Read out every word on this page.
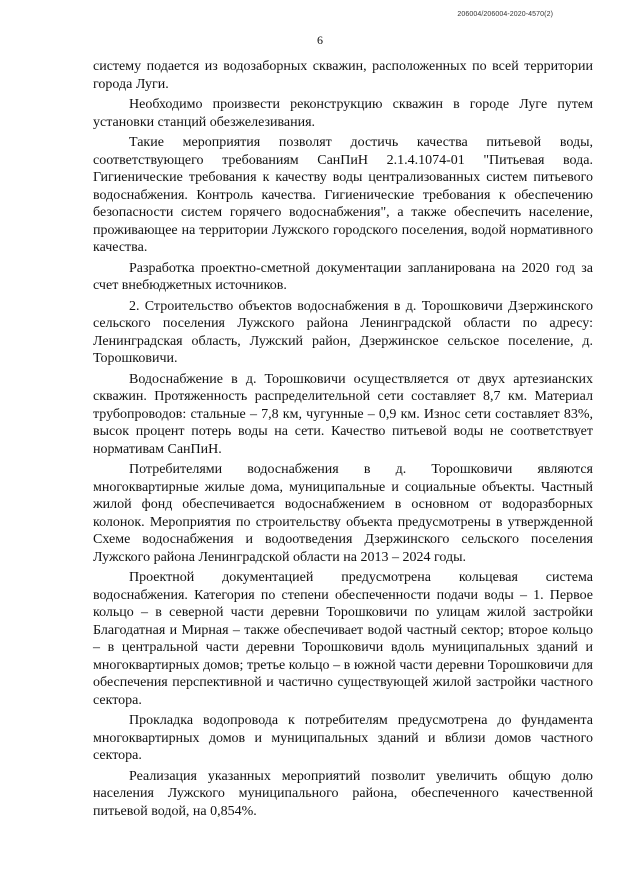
206004/206004-2020-4570(2)
6

систему подается из водозаборных скважин, расположенных по всей территории города Луги.

Необходимо произвести реконструкцию скважин в городе Луге путем установки станций обезжелезивания.

Такие мероприятия позволят достичь качества питьевой воды, соответствующего требованиям СанПиН 2.1.4.1074-01 "Питьевая вода. Гигиенические требования к качеству воды централизованных систем питьевого водоснабжения. Контроль качества. Гигиенические требования к обеспечению безопасности систем горячего водоснабжения", а также обеспечить население, проживающее на территории Лужского городского поселения, водой нормативного качества.

Разработка проектно-сметной документации запланирована на 2020 год за счет внебюджетных источников.

2. Строительство объектов водоснабжения в д. Торошковичи Дзержинского сельского поселения Лужского района Ленинградской области по адресу: Ленинградская область, Лужский район, Дзержинское сельское поселение, д. Торошковичи.

Водоснабжение в д. Торошковичи осуществляется от двух артезианских скважин. Протяженность распределительной сети составляет 8,7 км. Материал трубопроводов: стальные – 7,8 км, чугунные – 0,9 км. Износ сети составляет 83%, высок процент потерь воды на сети. Качество питьевой воды не соответствует нормативам СанПиН.

Потребителями водоснабжения в д. Торошковичи являются многоквартирные жилые дома, муниципальные и социальные объекты. Частный жилой фонд обеспечивается водоснабжением в основном от водоразборных колонок. Мероприятия по строительству объекта предусмотрены в утвержденной Схеме водоснабжения и водоотведения Дзержинского сельского поселения Лужского района Ленинградской области на 2013 – 2024 годы.

Проектной документацией предусмотрена кольцевая система водоснабжения. Категория по степени обеспеченности подачи воды – 1. Первое кольцо – в северной части деревни Торошковичи по улицам жилой застройки Благодатная и Мирная – также обеспечивает водой частный сектор; второе кольцо – в центральной части деревни Торошковичи вдоль муниципальных зданий и многоквартирных домов; третье кольцо – в южной части деревни Торошковичи для обеспечения перспективной и частично существующей жилой застройки частного сектора.

Прокладка водопровода к потребителям предусмотрена до фундамента многоквартирных домов и муниципальных зданий и вблизи домов частного сектора.

Реализация указанных мероприятий позволит увеличить общую долю населения Лужского муниципального района, обеспеченного качественной питьевой водой, на 0,854%.
